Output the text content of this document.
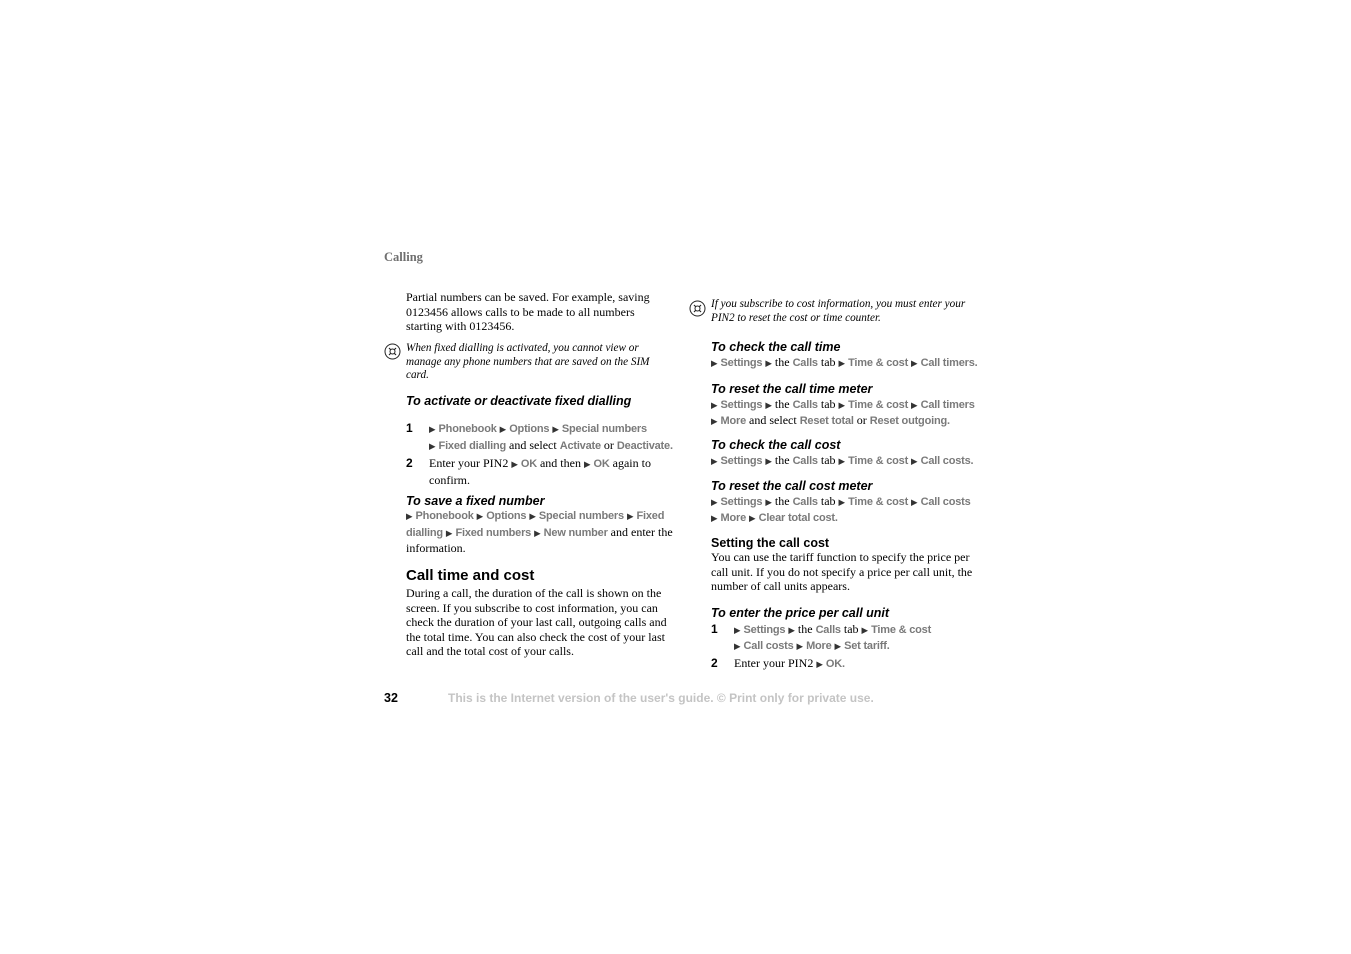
Calling

Partial numbers can be saved. For example, saving 0123456 allows calls to be made to all numbers starting with 0123456.

When fixed dialling is activated, you cannot view or manage any phone numbers that are saved on the SIM card.

To activate or deactivate fixed dialling

1	▶ Phonebook ▶ Options ▶ Special numbers
▶ Fixed dialling and select Activate or Deactivate.
2	Enter your PIN2 ▶ OK and then ▶ OK again to confirm.

To save a fixed number

▶ Phonebook ▶ Options ▶ Special numbers ▶ Fixed dialling ▶ Fixed numbers ▶ New number and enter the information.

Call time and cost

During a call, the duration of the call is shown on the screen. If you subscribe to cost information, you can check the duration of your last call, outgoing calls and the total time. You can also check the cost of your last call and the total cost of your calls.

If you subscribe to cost information, you must enter your PIN2 to reset the cost or time counter.

To check the call time

▶ Settings ▶ the Calls tab ▶ Time & cost ▶ Call timers.

To reset the call time meter

▶ Settings ▶ the Calls tab ▶ Time & cost ▶ Call timers
▶ More and select Reset total or Reset outgoing.

To check the call cost

▶ Settings ▶ the Calls tab ▶ Time & cost ▶ Call costs.

To reset the call cost meter

▶ Settings ▶ the Calls tab ▶ Time & cost ▶ Call costs
▶ More ▶ Clear total cost.

Setting the call cost

You can use the tariff function to specify the price per call unit. If you do not specify a price per call unit, the number of call units appears.

To enter the price per call unit

1	▶ Settings ▶ the Calls tab ▶ Time & cost
▶ Call costs ▶ More ▶ Set tariff.
2	Enter your PIN2 ▶ OK.
32	This is the Internet version of the user's guide. © Print only for private use.
